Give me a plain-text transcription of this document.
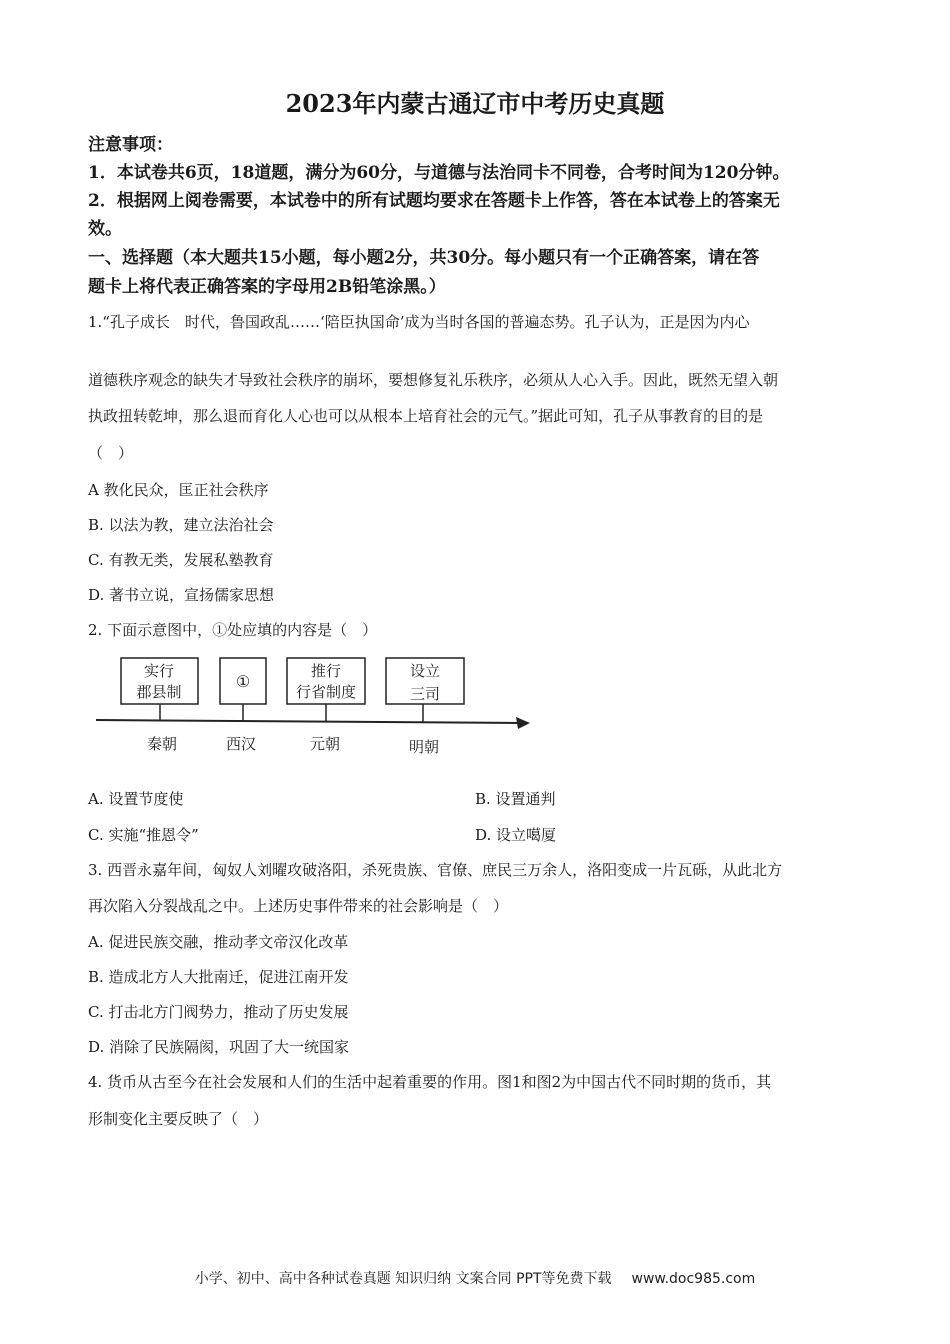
2023年内蒙古通辽市中考历史真题

注意事项：

1．本试卷共6页，18道题，满分为60分，与道德与法治同卡不同卷，合考时间为120分钟。

2．根据网上阅卷需要，本试卷中的所有试题均要求在答题卡上作答，答在本试卷上的答案无

效。

一、选择题（本大题共15小题，每小题2分，共30分。每小题只有一个正确答案，请在答

题卡上将代表正确答案的字母用2B铅笔涂黑。）

1.“孔子成长　时代，鲁国政乱……‘陪臣执国命’成为当时各国的普遍态势。孔子认为，正是因为内心

道德秩序观念的缺失才导致社会秩序的崩坏，要想修复礼乐秩序，必须从人心入手。因此，既然无望入朝

执政扭转乾坤，那么退而育化人心也可以从根本上培育社会的元气。”据此可知，孔子从事教育的目的是

（　）

A 教化民众，匡正社会秩序

B. 以法为教，建立法治社会

C. 有教无类，发展私塾教育

D. 著书立说，宣扬儒家思想

2. 下面示意图中，①处应填的内容是（　）

实行
郡县制
①
推行
行省制度
设立
三司
秦朝	西汉	元朝	明朝

A. 设置节度使	B. 设置通判

C. 实施“推恩令”	D. 设立噶厦

3. 西晋永嘉年间，匈奴人刘曜攻破洛阳，杀死贵族、官僚、庶民三万余人，洛阳变成一片瓦砾，从此北方

再次陷入分裂战乱之中。上述历史事件带来的社会影响是（　）

A. 促进民族交融，推动孝文帝汉化改革

B. 造成北方人大批南迁，促进江南开发

C. 打击北方门阀势力，推动了历史发展

D. 消除了民族隔阂，巩固了大一统国家

4. 货币从古至今在社会发展和人们的生活中起着重要的作用。图1和图2为中国古代不同时期的货币，其

形制变化主要反映了（　）

小学、初中、高中各种试卷真题 知识归纳 文案合同 PPT等免费下载 www.doc985.com
